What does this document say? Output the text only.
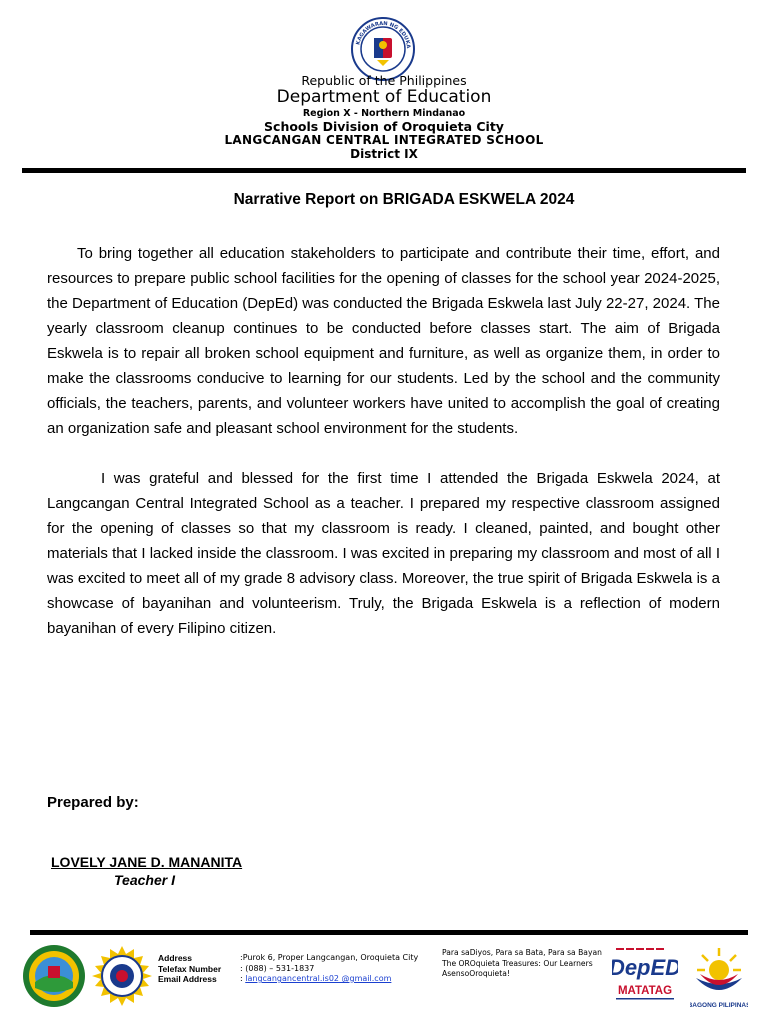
KAGAWARAN NG EDUKA
Republic of the Philippines
Department of Education
Region X - Northern Mindanao
Schools Division of Oroquieta City
LANGCANGAN CENTRAL INTEGRATED SCHOOL
District IX
Narrative Report on BRIGADA ESKWELA 2024
To bring together all education stakeholders to participate and contribute their time, effort, and resources to prepare public school facilities for the opening of classes for the school year 2024-2025, the Department of Education (DepEd) was conducted the Brigada Eskwela last July 22-27, 2024. The yearly classroom cleanup continues to be conducted before classes start. The aim of Brigada Eskwela is to repair all broken school equipment and furniture, as well as organize them, in order to make the classrooms conducive to learning for our students. Led by the school and the community officials, the teachers, parents, and volunteer workers have united to accomplish the goal of creating an organization safe and pleasant school environment for the students.
I was grateful and blessed for the first time I attended the Brigada Eskwela 2024, at Langcangan Central Integrated School as a teacher. I prepared my respective classroom assigned for the opening of classes so that my classroom is ready. I cleaned, painted, and bought other materials that I lacked inside the classroom. I was excited in preparing my classroom and most of all I was excited to meet all of my grade 8 advisory class. Moreover, the true spirit of Brigada Eskwela is a showcase of bayanihan and volunteerism. Truly, the Brigada Eskwela is a reflection of modern bayanihan of every Filipino citizen.
Prepared by:
LOVELY JANE D. MANANITA
Teacher I
Address
Telefax Number
Email Address
:Purok 6, Proper Langcangan, Oroquieta City
: (088) – 531-1837
: langcangancentral.is02 @gmail.com
Para saDiyos, Para sa Bata, Para sa Bayan The OROquieta Treasures: Our Learners AsensoOroquieta!	DepED
MATATAG
BAGONG PILIPINAS
